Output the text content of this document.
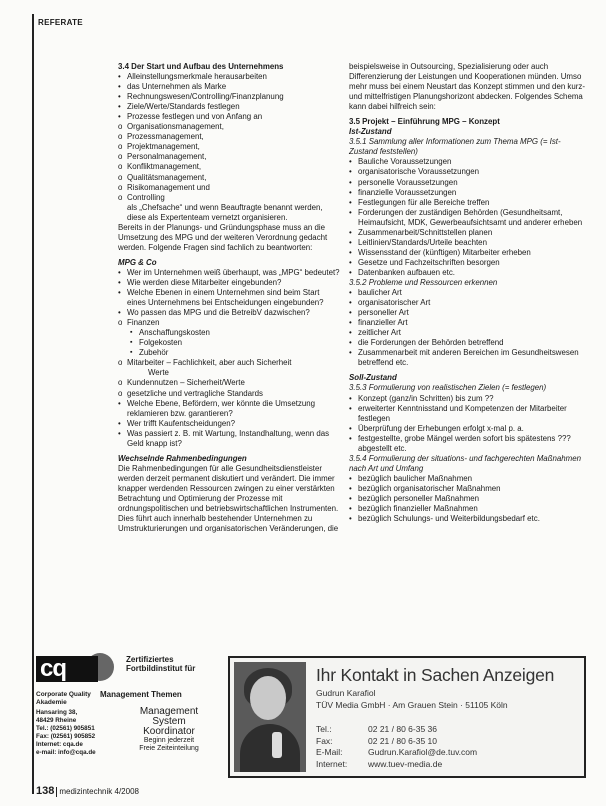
REFERATE

3.4 Der Start und Aufbau des Unternehmens

• Alleinstellungsmerkmale herausarbeiten
• das Unternehmen als Marke
• Rechnungswesen/Controlling/Finanzplanung
• Ziele/Werte/Standards festlegen
• Prozesse festlegen und von Anfang an
o Organisationsmanagement,
o Prozessmanagement,
o Projektmanagement,
o Personalmanagement,
o Konfliktmanagement,
o Qualitätsmanagement,
o Risikomanagement und
o Controlling

als „Chefsache“ und wenn Beauftragte benannt werden, diese als Expertenteam vernetzt organisieren.

Bereits in der Planungs- und Gründungsphase muss an die Umsetzung des MPG und der weiteren Verordnung gedacht werden. Folgende Fragen sind fachlich zu beantworten:

MPG & Co

• Wer im Unternehmen weiß überhaupt, was „MPG“ bedeutet?
• Wie werden diese Mitarbeiter eingebunden?
• Welche Ebenen in einem Unternehmen sind beim Start eines Unternehmens bei Entscheidungen eingebunden?
• Wo passen das MPG und die BetreibV dazwischen?
o Finanzen
▪ Anschaffungskosten
▪ Folgekosten
▪ Zubehör
o Mitarbeiter – Fachlichkeit, aber auch Sicherheit
Werte
o Kundennutzen – Sicherheit/Werte
o gesetzliche und vertragliche Standards
• Welche Ebene, Befördern, wer könnte die Umsetzung reklamieren bzw. garantieren?
• Wer trifft Kaufentscheidungen?
• Was passiert z. B. mit Wartung, Instandhaltung, wenn das Geld knapp ist?

Wechselnde Rahmenbedingungen

Die Rahmenbedingungen für alle Gesundheitsdienstleister werden derzeit permanent diskutiert und verändert. Die immer knapper werdenden Ressourcen zwingen zu einer verstärkten Betrachtung und Optimierung der Prozesse mit ordnungspolitischen und betriebswirtschaftlichen Instrumenten. Dies führt auch innerhalb bestehender Unternehmen zu Umstrukturierungen und organisatorischen Veränderungen, die

beispielsweise in Outsourcing, Spezialisierung oder auch Differenzierung der Leistungen und Kooperationen münden. Umso mehr muss bei einem Neustart das Konzept stimmen und den kurz- und mittelfristigen Planungshorizont abdecken. Folgendes Schema kann dabei hilfreich sein:

3.5 Projekt – Einführung MPG – Konzept

Ist-Zustand

3.5.1 Sammlung aller Informationen zum Thema MPG (= Ist-Zustand feststellen)

• Bauliche Voraussetzungen
• organisatorische Voraussetzungen
• personelle Voraussetzungen
• finanzielle Voraussetzungen
• Festlegungen für alle Bereiche treffen
• Forderungen der zuständigen Behörden (Gesundheitsamt, Heimaufsicht, MDK, Gewerbeaufsichtsamt und anderer erheben
• Zusammenarbeit/Schnittstellen planen
• Leitlinien/Standards/Urteile beachten
• Wissensstand der (künftigen) Mitarbeiter erheben
• Gesetze und Fachzeitschriften besorgen
• Datenbanken aufbauen etc.

3.5.2 Probleme und Ressourcen erkennen

• baulicher Art
• organisatorischer Art
• personeller Art
• finanzieller Art
• zeitlicher Art
• die Forderungen der Behörden betreffend
• Zusammenarbeit mit anderen Bereichen im Gesundheitswesen betreffend etc.

Soll-Zustand

3.5.3 Formulierung von realistischen Zielen (= festlegen)

• Konzept (ganz/in Schritten) bis zum ??
• erweiterter Kenntnisstand und Kompetenzen der Mitarbeiter festlegen
• Überprüfung der Erhebungen erfolgt x-mal p. a.
• festgestellte, grobe Mängel werden sofort bis spätestens ??? abgestellt etc.

3.5.4 Formulierung der situations- und fachgerechten Maßnahmen nach Art und Umfang

• bezüglich baulicher Maßnahmen
• bezüglich organisatorischer Maßnahmen
• bezüglich personeller Maßnahmen
• bezüglich finanzieller Maßnahmen
• bezüglich Schulungs- und Weiterbildungsbedarf etc.
cq	Zertifiziertes Fortbildinstitut für
Corporate Quality Akademie
Management Themen
Hansaring 38,
48429 Rheine
Tel.: (02561) 905851
Fax: (02561) 905852
Internet: cqa.de
e-mail: info@cqa.de
Management
System
Koordinator
Beginn jederzeit
Freie Zeiteinteilung
Ihr Kontakt in Sachen Anzeigen
Gudrun Karafiol
TÜV Media GmbH · Am Grauen Stein · 51105 Köln
Tel.:	02 21 / 80 6-35 36
Fax:	02 21 / 80 6-35 10
E-Mail:	Gudrun.Karafiol@de.tuv.com
Internet: www.tuev-media.de
138 medizintechnik 4/2008
